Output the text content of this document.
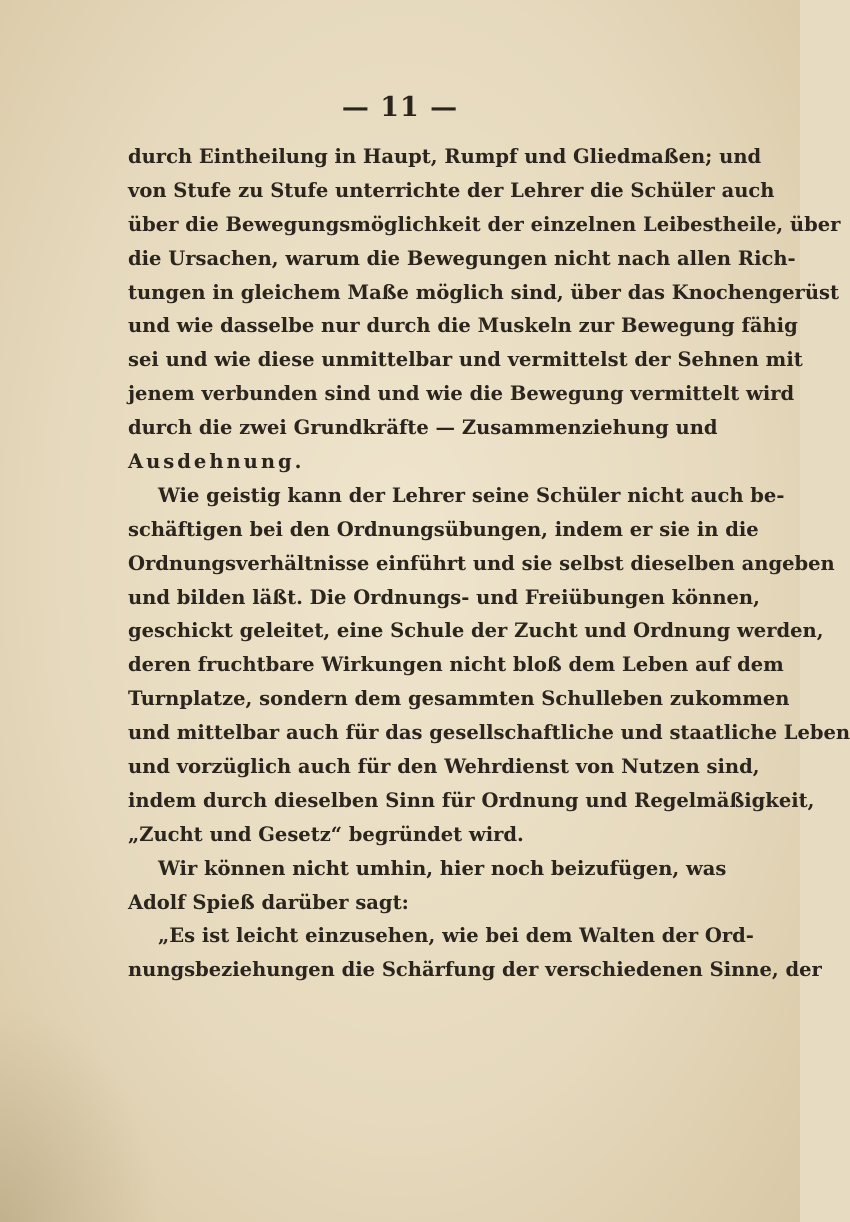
— 11 —
durch Eintheilung in Haupt, Rumpf und Gliedmaßen; und
von Stufe zu Stufe unterrichte der Lehrer die Schüler auch
über die Bewegungsmöglichkeit der einzelnen Leibestheile, über
die Ursachen, warum die Bewegungen nicht nach allen Rich-
tungen in gleichem Maße möglich sind, über das Knochengerüst
und wie dasselbe nur durch die Muskeln zur Bewegung fähig
sei und wie diese unmittelbar und vermittelst der Sehnen mit
jenem verbunden sind und wie die Bewegung vermittelt wird
durch die zwei Grundkräfte — Zusammenziehung und
Ausdehnung.
Wie geistig kann der Lehrer seine Schüler nicht auch be-
schäftigen bei den Ordnungsübungen, indem er sie in die
Ordnungsverhältnisse einführt und sie selbst dieselben angeben
und bilden läßt. Die Ordnungs- und Freiübungen können,
geschickt geleitet, eine Schule der Zucht und Ordnung werden,
deren fruchtbare Wirkungen nicht bloß dem Leben auf dem
Turnplatze, sondern dem gesammten Schulleben zukommen
und mittelbar auch für das gesellschaftliche und staatliche Leben
und vorzüglich auch für den Wehrdienst von Nutzen sind,
indem durch dieselben Sinn für Ordnung und Regelmäßigkeit,
„Zucht und Gesetz“ begründet wird.
Wir können nicht umhin, hier noch beizufügen, was
Adolf Spieß darüber sagt:
„Es ist leicht einzusehen, wie bei dem Walten der Ord-
nungsbeziehungen die Schärfung der verschiedenen Sinne, der
